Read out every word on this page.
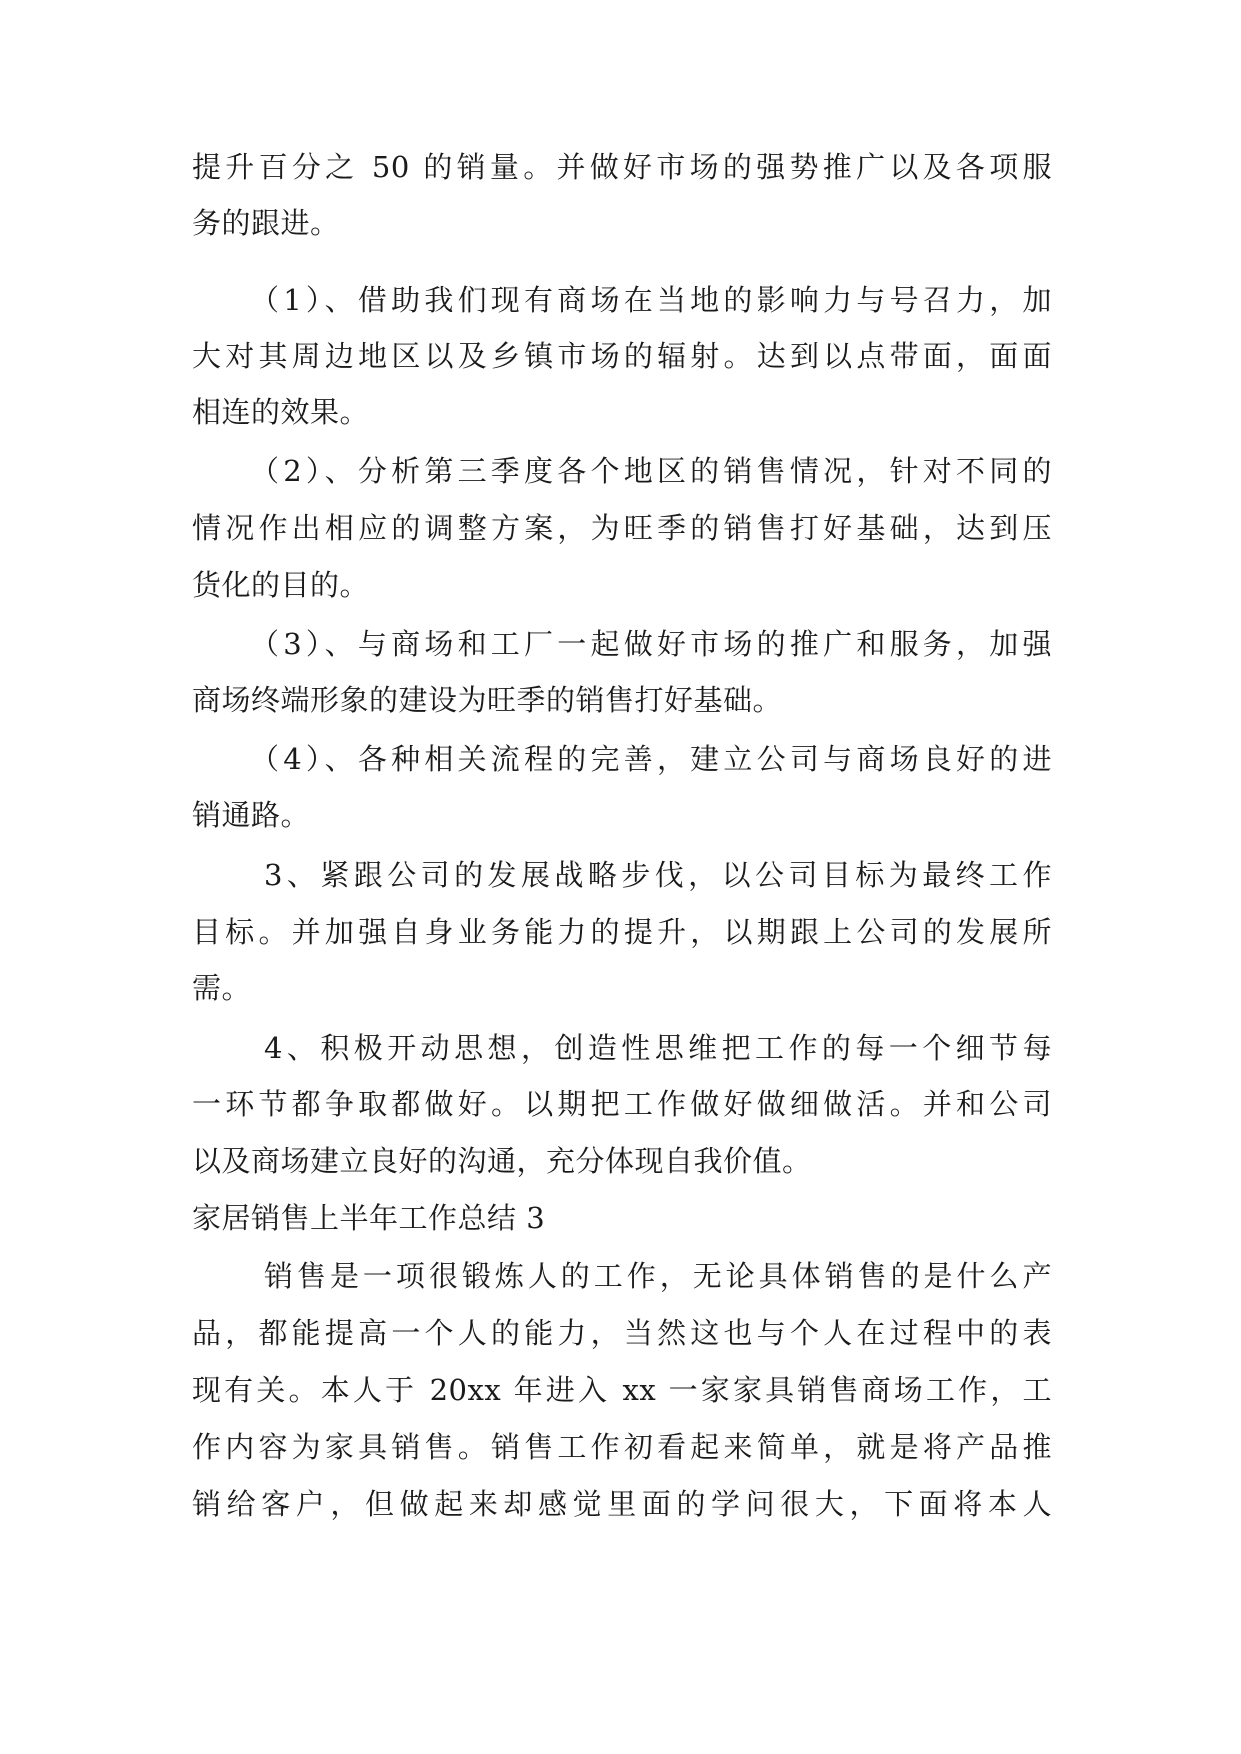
提升百分之 50 的销量。并做好市场的强势推广以及各项服
务的跟进。
（1）、借助我们现有商场在当地的影响力与号召力，加
大对其周边地区以及乡镇市场的辐射。达到以点带面，面面
相连的效果。
（2）、分析第三季度各个地区的销售情况，针对不同的
情况作出相应的调整方案，为旺季的销售打好基础，达到压
货化的目的。
（3）、与商场和工厂一起做好市场的推广和服务，加强
商场终端形象的建设为旺季的销售打好基础。
（4）、各种相关流程的完善，建立公司与商场良好的进
销通路。
3、紧跟公司的发展战略步伐，以公司目标为最终工作
目标。并加强自身业务能力的提升，以期跟上公司的发展所
需。
4、积极开动思想，创造性思维把工作的每一个细节每
一环节都争取都做好。以期把工作做好做细做活。并和公司
以及商场建立良好的沟通，充分体现自我价值。
家居销售上半年工作总结 3
销售是一项很锻炼人的工作，无论具体销售的是什么产
品，都能提高一个人的能力，当然这也与个人在过程中的表
现有关。本人于 20xx 年进入 xx 一家家具销售商场工作，工
作内容为家具销售。销售工作初看起来简单，就是将产品推
销给客户，但做起来却感觉里面的学问很大，下面将本人
